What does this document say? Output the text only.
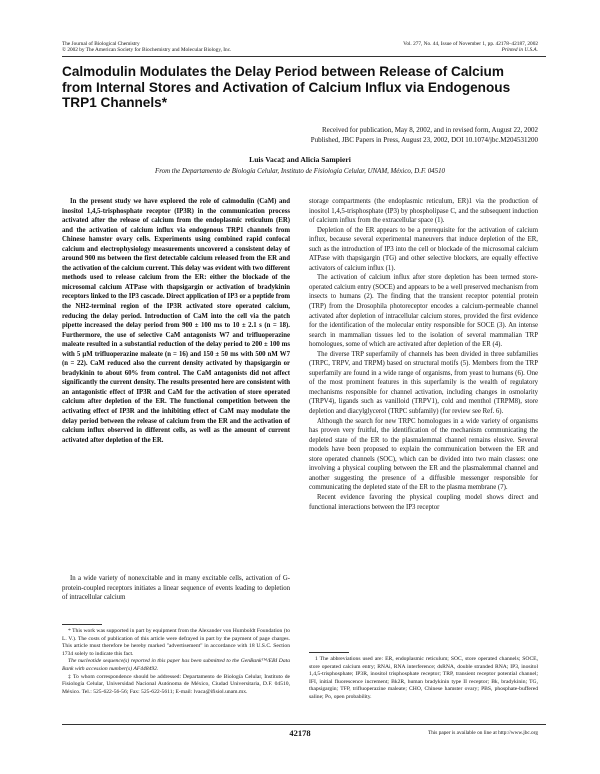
The Journal of Biological Chemistry
© 2002 by The American Society for Biochemistry and Molecular Biology, Inc.
Vol. 277, No. 44, Issue of November 1, pp. 42178–42187, 2002
Printed in U.S.A.
Calmodulin Modulates the Delay Period between Release of Calcium from Internal Stores and Activation of Calcium Influx via Endogenous TRP1 Channels*
Received for publication, May 8, 2002, and in revised form, August 22, 2002
Published, JBC Papers in Press, August 23, 2002, DOI 10.1074/jbc.M204531200
Luis Vaca‡ and Alicia Sampieri
From the Departamento de Biología Celular, Instituto de Fisiología Celular, UNAM, México, D.F. 04510

In the present study we have explored the role of calmodulin (CaM) and inositol 1,4,5-trisphosphate receptor (IP3R) in the communication process activated after the release of calcium from the endoplasmic reticulum (ER) and the activation of calcium influx via endogenous TRP1 channels from Chinese hamster ovary cells. Experiments using combined rapid confocal calcium and electrophysiology measurements uncovered a consistent delay of around 900 ms between the first detectable calcium released from the ER and the activation of the calcium current. This delay was evident with two different methods used to release calcium from the ER: either the blockade of the microsomal calcium ATPase with thapsigargin or activation of bradykinin receptors linked to the IP3 cascade. Direct application of IP3 or a peptide from the NH2-terminal region of the IP3R activated store operated calcium, reducing the delay period. Introduction of CaM into the cell via the patch pipette increased the delay period from 900 ± 100 ms to 10 ± 2.1 s (n = 18). Furthermore, the use of selective CaM antagonists W7 and trifluoperazine maleate resulted in a substantial reduction of the delay period to 200 ± 100 ms with 5 μM trifluoperazine maleate (n = 16) and 150 ± 50 ms with 500 nM W7 (n = 22). CaM reduced also the current density activated by thapsigargin or bradykinin to about 60% from control. The CaM antagonists did not affect significantly the current density. The results presented here are consistent with an antagonistic effect of IP3R and CaM for the activation of store operated calcium after depletion of the ER. The functional competition between the activating effect of IP3R and the inhibiting effect of CaM may modulate the delay period between the release of calcium from the ER and the activation of calcium influx observed in different cells, as well as the amount of current activated after depletion of the ER.

In a wide variety of nonexcitable and in many excitable cells, activation of G-protein-coupled receptors initiates a linear sequence of events leading to depletion of intracellular calcium

* This work was supported in part by equipment from the Alexander von Humboldt Foundation (to L. V.). The costs of publication of this article were defrayed in part by the payment of page charges. This article must therefore be hereby marked "advertisement" in accordance with 18 U.S.C. Section 1734 solely to indicate this fact.

The nucleotide sequence(s) reported in this paper has been submitted to the GenBank™/EBI Data Bank with accession number(s) AF448492.

‡ To whom correspondence should be addressed: Departamento de Biología Celular, Instituto de Fisiología Celular, Universidad Nacional Autónoma de México, Ciudad Universitaria, D.F. 04510, México. Tel.: 525-622-56-56; Fax: 525-622-5611; E-mail: lvaca@ifisiol.unam.mx.

storage compartments (the endoplasmic reticulum, ER)1 via the production of inositol 1,4,5-trisphosphate (IP3) by phospholipase C, and the subsequent induction of calcium influx from the extracellular space (1).

Depletion of the ER appears to be a prerequisite for the activation of calcium influx, because several experimental maneuvers that induce depletion of the ER, such as the introduction of IP3 into the cell or blockade of the microsomal calcium ATPase with thapsigargin (TG) and other selective blockers, are equally effective activators of calcium influx (1).

The activation of calcium influx after store depletion has been termed store-operated calcium entry (SOCE) and appears to be a well preserved mechanism from insects to humans (2). The finding that the transient receptor potential protein (TRP) from the Drosophila photoreceptor encodes a calcium-permeable channel activated after depletion of intracellular calcium stores, provided the first evidence for the identification of the molecular entity responsible for SOCE (3). An intense search in mammalian tissues led to the isolation of several mammalian TRP homologues, some of which are activated after depletion of the ER (4).

The diverse TRP superfamily of channels has been divided in three subfamilies (TRPC, TRPV, and TRPM) based on structural motifs (5). Members from the TRP superfamily are found in a wide range of organisms, from yeast to humans (6). One of the most prominent features in this superfamily is the wealth of regulatory mechanisms responsible for channel activation, including changes in osmolarity (TRPV4), ligands such as vanilloid (TRPV1), cold and menthol (TRPM8), store depletion and diacylglycerol (TRPC subfamily) (for review see Ref. 6).

Although the search for new TRPC homologues in a wide variety of organisms has proven very fruitful, the identification of the mechanism communicating the depleted state of the ER to the plasmalemmal channel remains elusive. Several models have been proposed to explain the communication between the ER and store operated channels (SOC), which can be divided into two main classes: one involving a physical coupling between the ER and the plasmalemmal channel and another suggesting the presence of a diffusible messenger responsible for communicating the depleted state of the ER to the plasma membrane (7).

Recent evidence favoring the physical coupling model shows direct and functional interactions between the IP3 receptor

1 The abbreviations used are: ER, endoplasmic reticulum; SOC, store operated channels; SOCE, store operated calcium entry; RNAi, RNA interference; dsRNA, double stranded RNA; IP3, inositol 1,4,5-trisphosphate; IP3R, inositol trisphosphate receptor; TRP, transient receptor potential channel; IFI, initial fluorescence increment; Bk2R, human bradykinin type II receptor; Bk, bradykinin; TG, thapsigargin; TFP, trifluoperazine maleate; CHO, Chinese hamster ovary; PBS, phosphate-buffered saline; Po, open probability.

42178	This paper is available on line at http://www.jbc.org
